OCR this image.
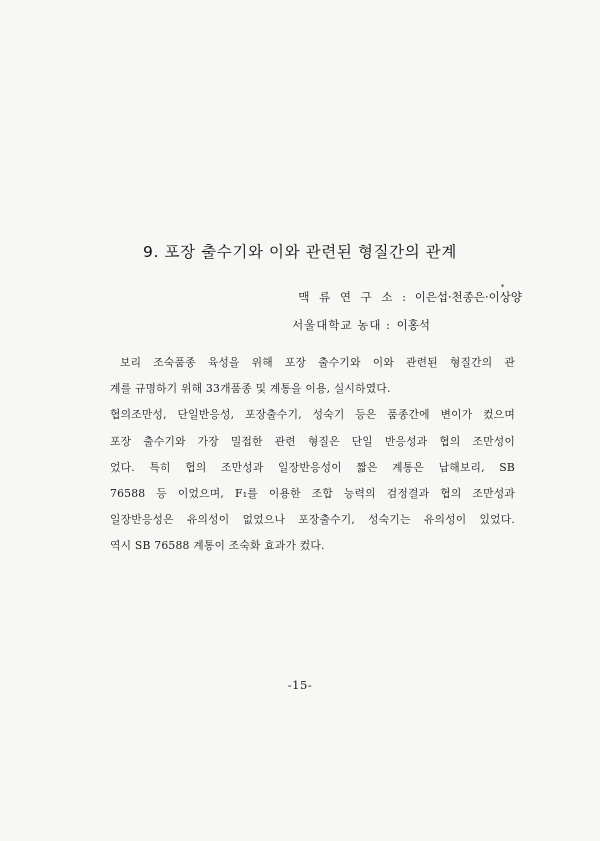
9. 포장 출수기와 이와 관련된 형질간의 관계
맥 류 연 구 소 : 이은섭·천종은
*
·이상양
서울대학교 농대 : 이홍석
보리 조숙품종 육성을 위해 포장 출수기와 이와 관련된 형질간의 관
계를 규명하기 위해 33개품종 및 계통을 이용, 실시하였다.
협의조만성, 단일반응성, 포장출수기, 성숙기 등은 품종간에 변이가 컸으며
포장 출수기와 가장 밀접한 관련 형질은 단일 반응성과 협의 조만성이
었다. 특히 협의 조만성과 일장반응성이 짧은 계통은 납해보리, SB
76588 등 이었으며, F₁를 이용한 조합 능력의 검정결과 협의 조만성과
일장반응성은 유의성이 없었으나 포장출수기, 성숙기는 유의성이 있었다.
역시 SB 76588 계통이 조숙화 효과가 컸다.
-15-
